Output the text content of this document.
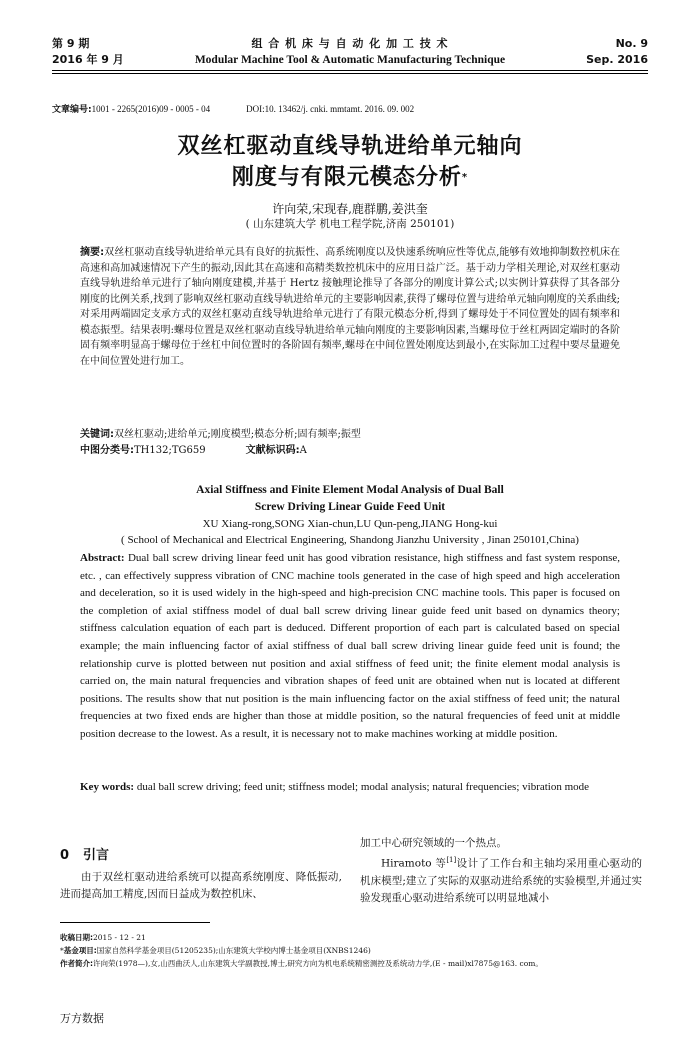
第 9 期
2016 年 9 月
组 合 机 床 与 自 动 化 加 工 技 术
Modular Machine Tool & Automatic Manufacturing Technique
No. 9
Sep. 2016
文章编号:1001 - 2265(2016)09 - 0005 - 04	DOI:10. 13462/j. cnki. mmtamt. 2016. 09. 002
双丝杠驱动直线导轨进给单元轴向
刚度与有限元模态分析*
许向荣,宋现春,鹿群鹏,姜洪奎
( 山东建筑大学 机电工程学院,济南 250101)
摘要:双丝杠驱动直线导轨进给单元具有良好的抗振性、高系统刚度以及快速系统响应性等优点,能够有效地抑制数控机床在高速和高加减速情况下产生的振动,因此其在高速和高精类数控机床中的应用日益广泛。基于动力学相关理论,对双丝杠驱动直线导轨进给单元进行了轴向刚度建模,并基于 Hertz 接触理论推导了各部分的刚度计算公式;以实例计算获得了其各部分刚度的比例关系,找到了影响双丝杠驱动直线导轨进给单元的主要影响因素,获得了螺母位置与进给单元轴向刚度的关系曲线;对采用两端固定支承方式的双丝杠驱动直线导轨进给单元进行了有限元模态分析,得到了螺母处于不同位置处的固有频率和模态振型。结果表明:螺母位置是双丝杠驱动直线导轨进给单元轴向刚度的主要影响因素,当螺母位于丝杠两固定端时的各阶固有频率明显高于螺母位于丝杠中间位置时的各阶固有频率,螺母在中间位置处刚度达到最小,在实际加工过程中要尽量避免在中间位置处进行加工。
关键词:双丝杠驱动;进给单元;刚度模型;模态分析;固有频率;振型
中图分类号:TH132;TG659	文献标识码:A
Axial Stiffness and Finite Element Modal Analysis of Dual Ball
Screw Driving Linear Guide Feed Unit
XU Xiang-rong,SONG Xian-chun,LU Qun-peng,JIANG Hong-kui
( School of Mechanical and Electrical Engineering, Shandong Jianzhu University , Jinan 250101,China)
Abstract: Dual ball screw driving linear feed unit has good vibration resistance, high stiffness and fast system response, etc. , can effectively suppress vibration of CNC machine tools generated in the case of high speed and high acceleration and deceleration, so it is used widely in the high-speed and high-precision CNC machine tools. This paper is focused on the completion of axial stiffness model of dual ball screw driving linear guide feed unit based on dynamics theory; stiffness calculation equation of each part is deduced. Different proportion of each part is calculated based on special example; the main influencing factor of axial stiffness of dual ball screw driving linear guide feed unit is found; the relationship curve is plotted between nut position and axial stiffness of feed unit; the finite element modal analysis is carried on, the main natural frequencies and vibration shapes of feed unit are obtained when nut is located at different positions. The results show that nut position is the main influencing factor on the axial stiffness of feed unit; the natural frequencies at two fixed ends are higher than those at middle position, so the natural frequencies of feed unit at middle position decrease to the lowest. As a result, it is necessary not to make machines working at middle position.
Key words: dual ball screw driving; feed unit; stiffness model; modal analysis; natural frequencies; vibration mode
0 引言
由于双丝杠驱动进给系统可以提高系统刚度、降低振动,进而提高加工精度,因而日益成为数控机床、
加工中心研究领域的一个热点。
Hiramoto 等[1]设计了工作台和主轴均采用重心驱动的机床模型;建立了实际的双驱动进给系统的实验模型,并通过实验发现重心驱动进给系统可以明显地减小
收稿日期:2015 - 12 - 21
*基金项目:国家自然科学基金项目(51205235);山东建筑大学校内博士基金项目(XNBS1246)
作者简介:许向荣(1978—),女,山西曲沃人,山东建筑大学副教授,博士,研究方向为机电系统精密测控及系统动力学,(E - mail)xl7875@163. com。
万方数据
